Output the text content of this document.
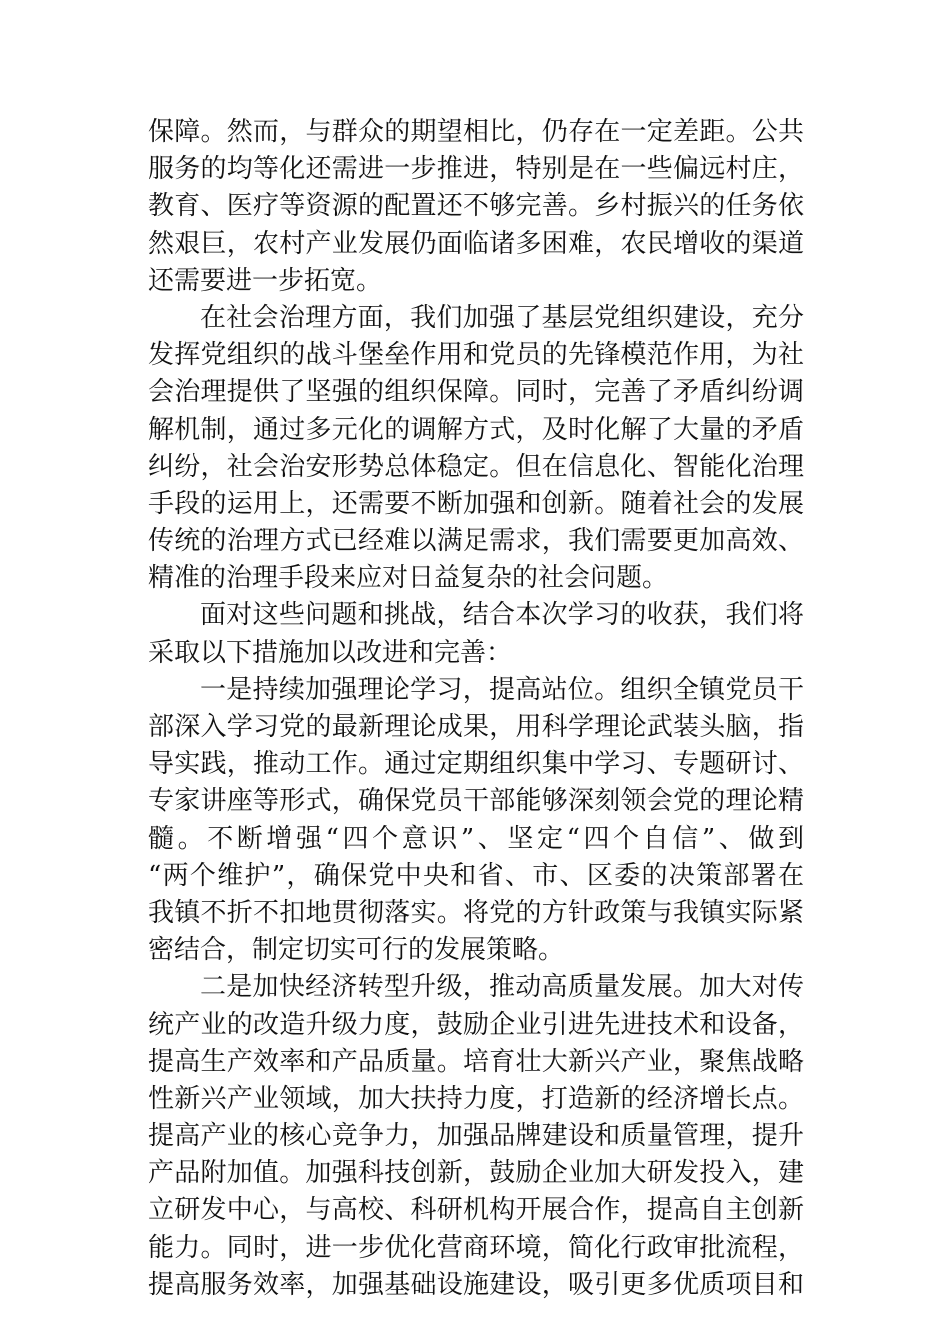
保障。然而，与群众的期望相比，仍存在一定差距。公共
服务的均等化还需进一步推进，特别是在一些偏远村庄，
教育、医疗等资源的配置还不够完善。乡村振兴的任务依
然艰巨，农村产业发展仍面临诸多困难，农民增收的渠道
还需要进一步拓宽。
在社会治理方面，我们加强了基层党组织建设，充分
发挥党组织的战斗堡垒作用和党员的先锋模范作用，为社
会治理提供了坚强的组织保障。同时，完善了矛盾纠纷调
解机制，通过多元化的调解方式，及时化解了大量的矛盾
纠纷，社会治安形势总体稳定。但在信息化、智能化治理
手段的运用上，还需要不断加强和创新。随着社会的发展
传统的治理方式已经难以满足需求，我们需要更加高效、
精准的治理手段来应对日益复杂的社会问题。
面对这些问题和挑战，结合本次学习的收获，我们将
采取以下措施加以改进和完善：
一是持续加强理论学习，提高站位。组织全镇党员干
部深入学习党的最新理论成果，用科学理论武装头脑，指
导实践，推动工作。通过定期组织集中学习、专题研讨、
专家讲座等形式，确保党员干部能够深刻领会党的理论精
髓。不断增强“四个意识”、坚定“四个自信”、做到
“两个维护”，确保党中央和省、市、区委的决策部署在
我镇不折不扣地贯彻落实。将党的方针政策与我镇实际紧
密结合，制定切实可行的发展策略。
二是加快经济转型升级，推动高质量发展。加大对传
统产业的改造升级力度，鼓励企业引进先进技术和设备，
提高生产效率和产品质量。培育壮大新兴产业，聚焦战略
性新兴产业领域，加大扶持力度，打造新的经济增长点。
提高产业的核心竞争力，加强品牌建设和质量管理，提升
产品附加值。加强科技创新，鼓励企业加大研发投入，建
立研发中心，与高校、科研机构开展合作，提高自主创新
能力。同时，进一步优化营商环境，简化行政审批流程，
提高服务效率，加强基础设施建设，吸引更多优质项目和
